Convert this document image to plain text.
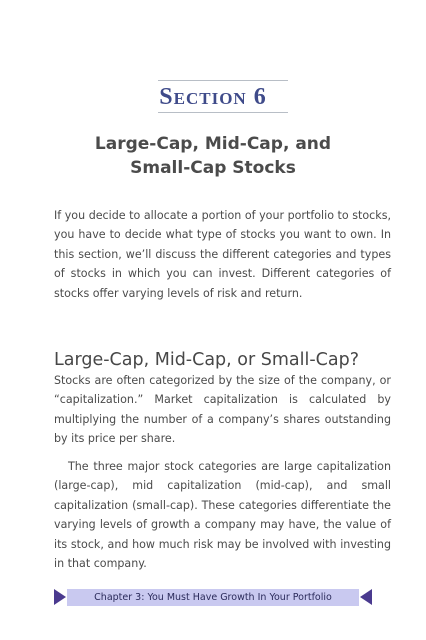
Section 6
Large-Cap, Mid-Cap, and
Small-Cap Stocks

If you decide to allocate a portion of your portfolio to stocks, you have to decide what type of stocks you want to own. In this section, we’ll discuss the different categories and types of stocks in which you can invest. Different categories of stocks offer varying levels of risk and return.

Large-Cap, Mid-Cap, or Small-Cap?

Stocks are often categorized by the size of the company, or “capitalization.” Market capitalization is calculated by multiplying the number of a company’s shares outstanding by its price per share.

The three major stock categories are large capitalization (large-cap), mid capitalization (mid-cap), and small capitalization (small-cap). These categories differentiate the varying levels of growth a company may have, the value of its stock, and how much risk may be involved with investing in that company.

Chapter 3: You Must Have Growth In Your Portfolio
